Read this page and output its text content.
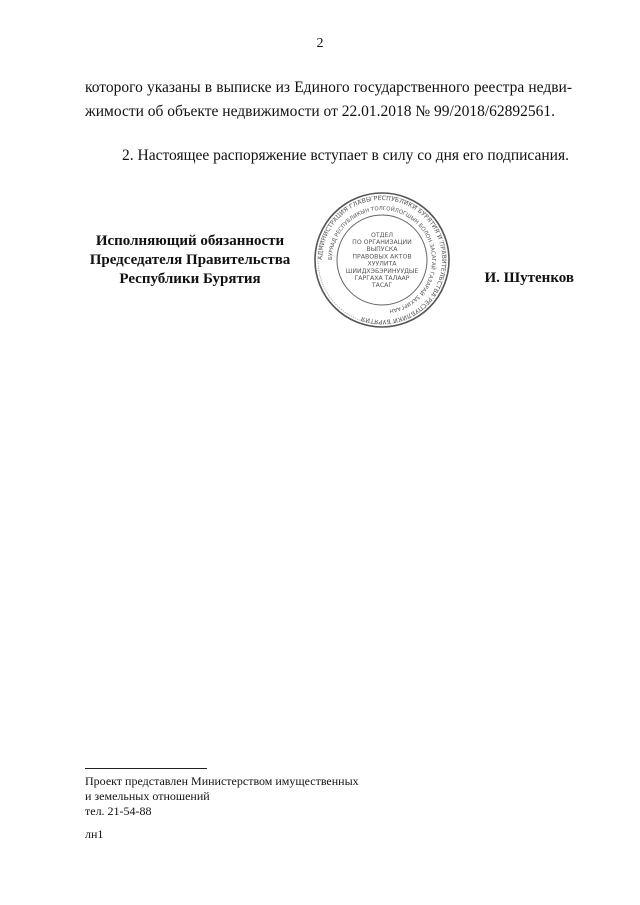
2
которого указаны в выписке из Единого государственного реестра недви-
жимости об объекте недвижимости от 22.01.2018 № 99/2018/62892561.
2. Настоящее распоряжение вступает в силу со дня его подписания.
Исполняющий обязанности
Председателя Правительства
Республики Бурятия
АДМИНИСТРАЦИЯ ГЛАВЫ РЕСПУБЛИКИ БУРЯТИЯ И ПРАВИТЕЛЬСТВА РЕСПУБЛИКИ БУРЯТИЯ
БУРЯАД РЕСПУБЛИКЫН ТОЛГОЙЛОГШЫН БОЛОН ЗАСАГАЙ ГАЗАРАЙ ЗАХИРГААН
ОТДЕЛ
ПО ОРГАНИЗАЦИИ
ВЫПУСКА
ПРАВОВЫХ АКТОВ
ХУУЛИТА
ШИИДХЭБЭРИНУУДЫЕ
ГАРГАХА ТАЛААР
ТАСАГ	И. Шутенков
Проект представлен Министерством имущественных
и земельных отношений
тел. 21-54-88
лн1
